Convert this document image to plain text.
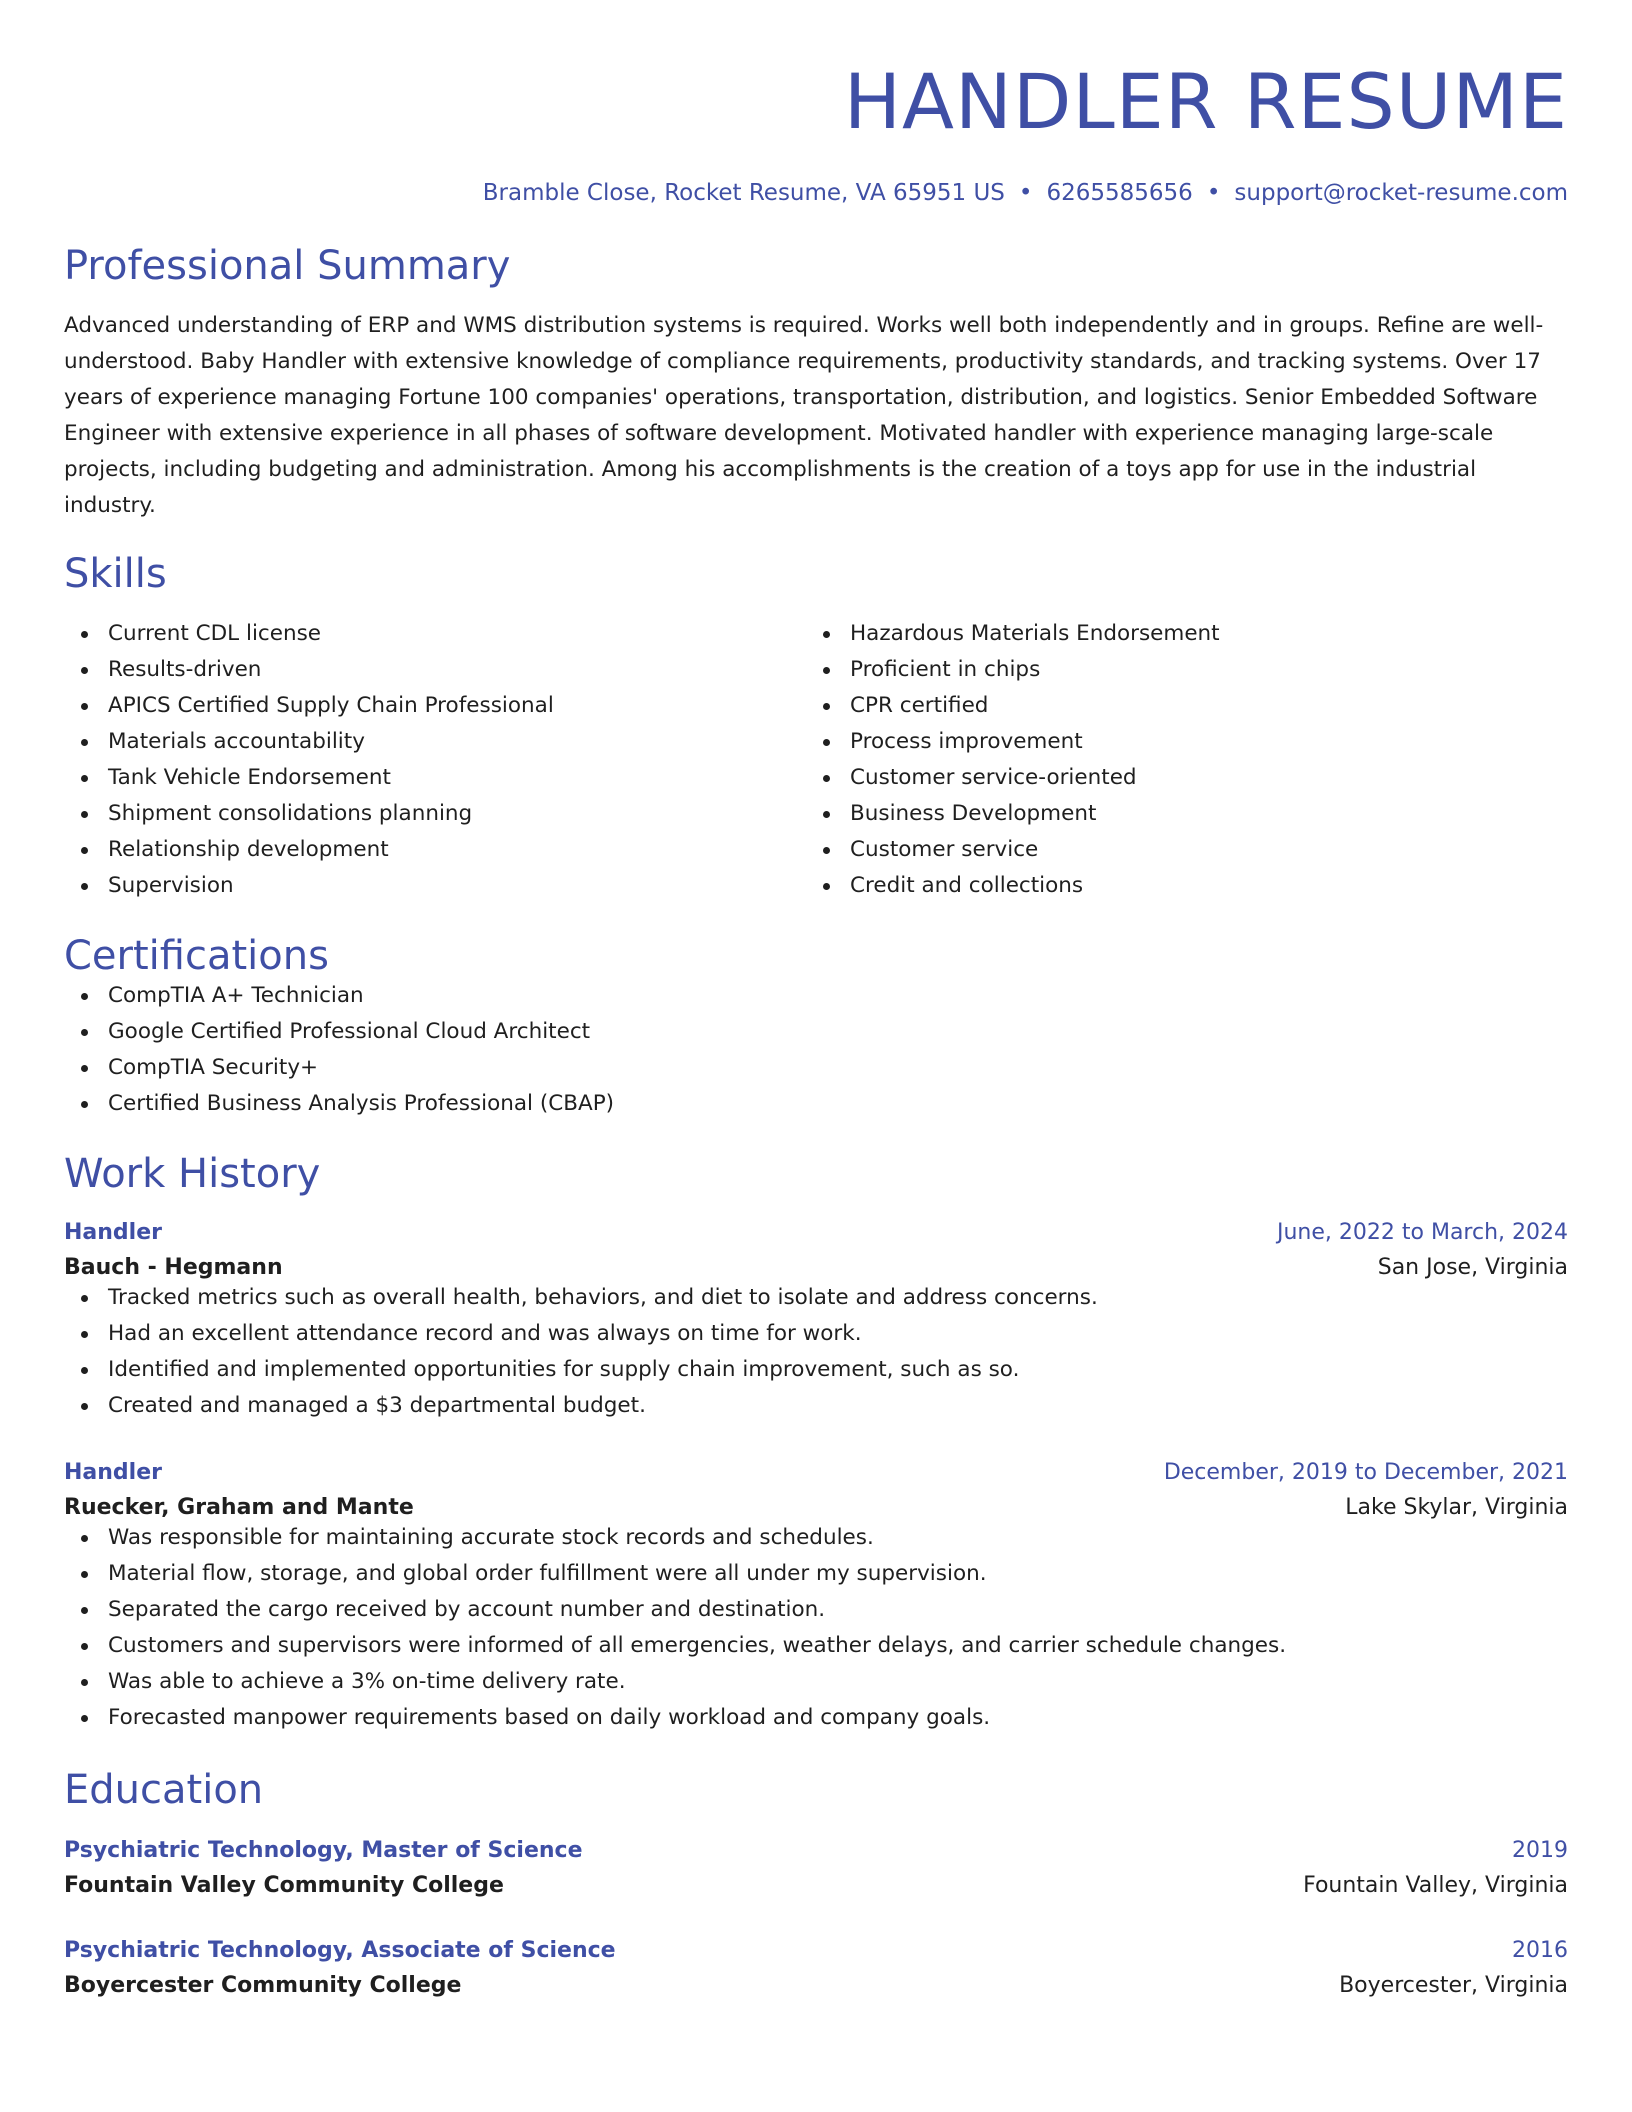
HANDLER RESUME
Bramble Close, Rocket Resume, VA 65951 US • 6265585656 • support@rocket-resume.com
Professional Summary

Advanced understanding of ERP and WMS distribution systems is required. Works well both independently and in groups. Refine are well-understood. Baby Handler with extensive knowledge of compliance requirements, productivity standards, and tracking systems. Over 17 years of experience managing Fortune 100 companies' operations, transportation, distribution, and logistics. Senior Embedded Software Engineer with extensive experience in all phases of software development. Motivated handler with experience managing large-scale projects, including budgeting and administration. Among his accomplishments is the creation of a toys app for use in the industrial industry.

Skills
Current CDL license
Results-driven
APICS Certified Supply Chain Professional
Materials accountability
Tank Vehicle Endorsement
Shipment consolidations planning
Relationship development
Supervision
Hazardous Materials Endorsement
Proficient in chips
CPR certified
Process improvement
Customer service-oriented
Business Development
Customer service
Credit and collections
Certifications
CompTIA A+ Technician
Google Certified Professional Cloud Architect
CompTIA Security+
Certified Business Analysis Professional (CBAP)
Work History
Handler	June, 2022 to March, 2024
Bauch - Hegmann	San Jose, Virginia
Tracked metrics such as overall health, behaviors, and diet to isolate and address concerns.
Had an excellent attendance record and was always on time for work.
Identified and implemented opportunities for supply chain improvement, such as so.
Created and managed a $3 departmental budget.
Handler	December, 2019 to December, 2021
Ruecker, Graham and Mante	Lake Skylar, Virginia
Was responsible for maintaining accurate stock records and schedules.
Material flow, storage, and global order fulfillment were all under my supervision.
Separated the cargo received by account number and destination.
Customers and supervisors were informed of all emergencies, weather delays, and carrier schedule changes.
Was able to achieve a 3% on-time delivery rate.
Forecasted manpower requirements based on daily workload and company goals.
Education
Psychiatric Technology, Master of Science	2019
Fountain Valley Community College	Fountain Valley, Virginia
Psychiatric Technology, Associate of Science	2016
Boyercester Community College	Boyercester, Virginia
